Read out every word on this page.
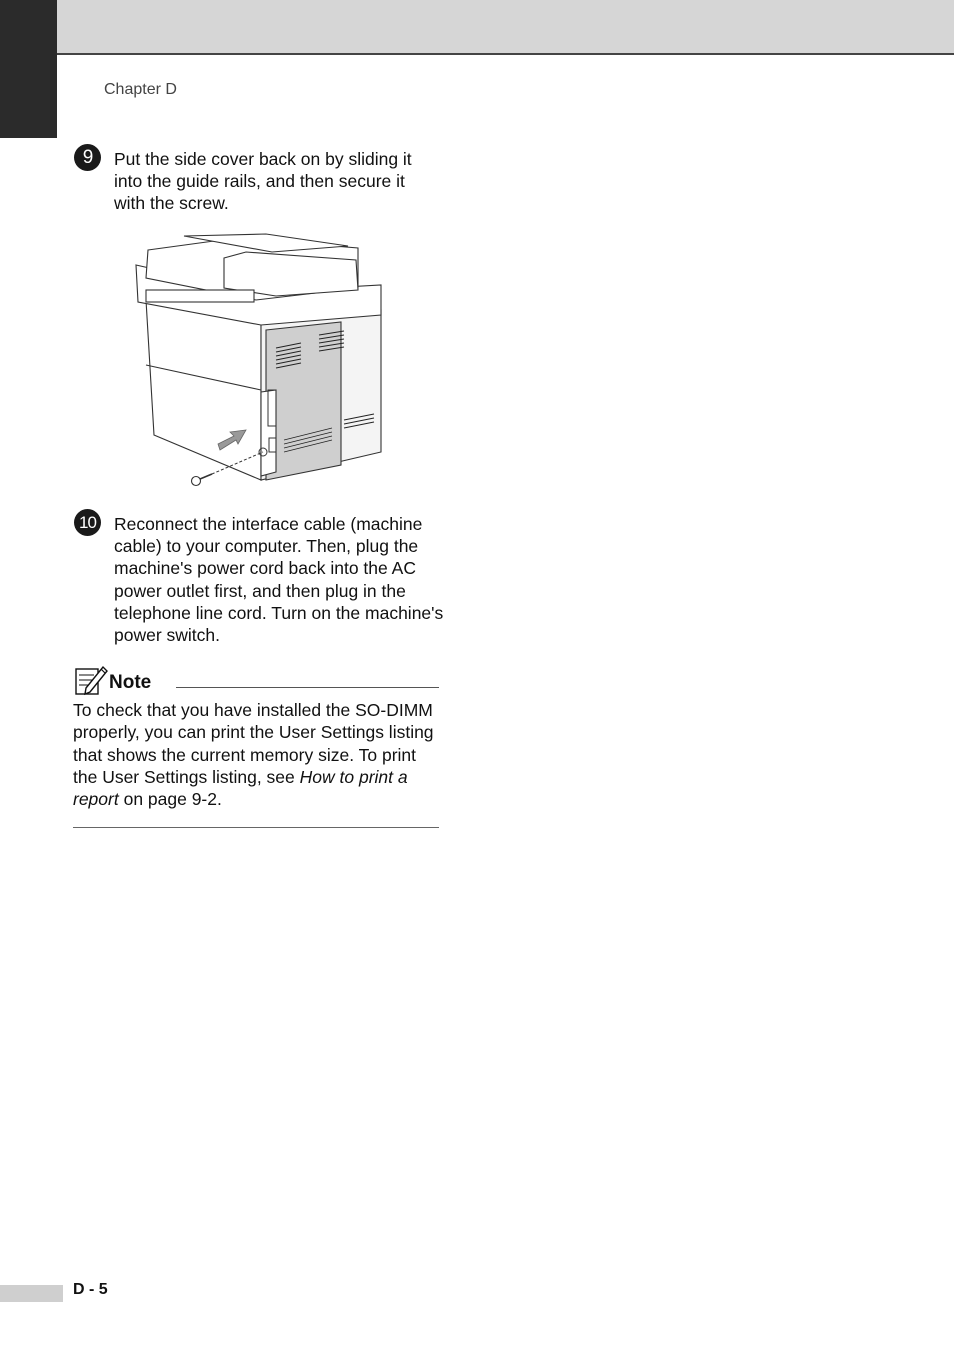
Chapter D
9	Put the side cover back on by sliding it into the guide rails, and then secure it with the screw.
10 Reconnect the interface cable (machine cable) to your computer. Then, plug the machine's power cord back into the AC power outlet first, and then plug in the telephone line cord. Turn on the machine's power switch.
Note
To check that you have installed the SO-DIMM properly, you can print the User Settings listing that shows the current memory size. To print the User Settings listing, see How to print a report on page 9-2.
D - 5
